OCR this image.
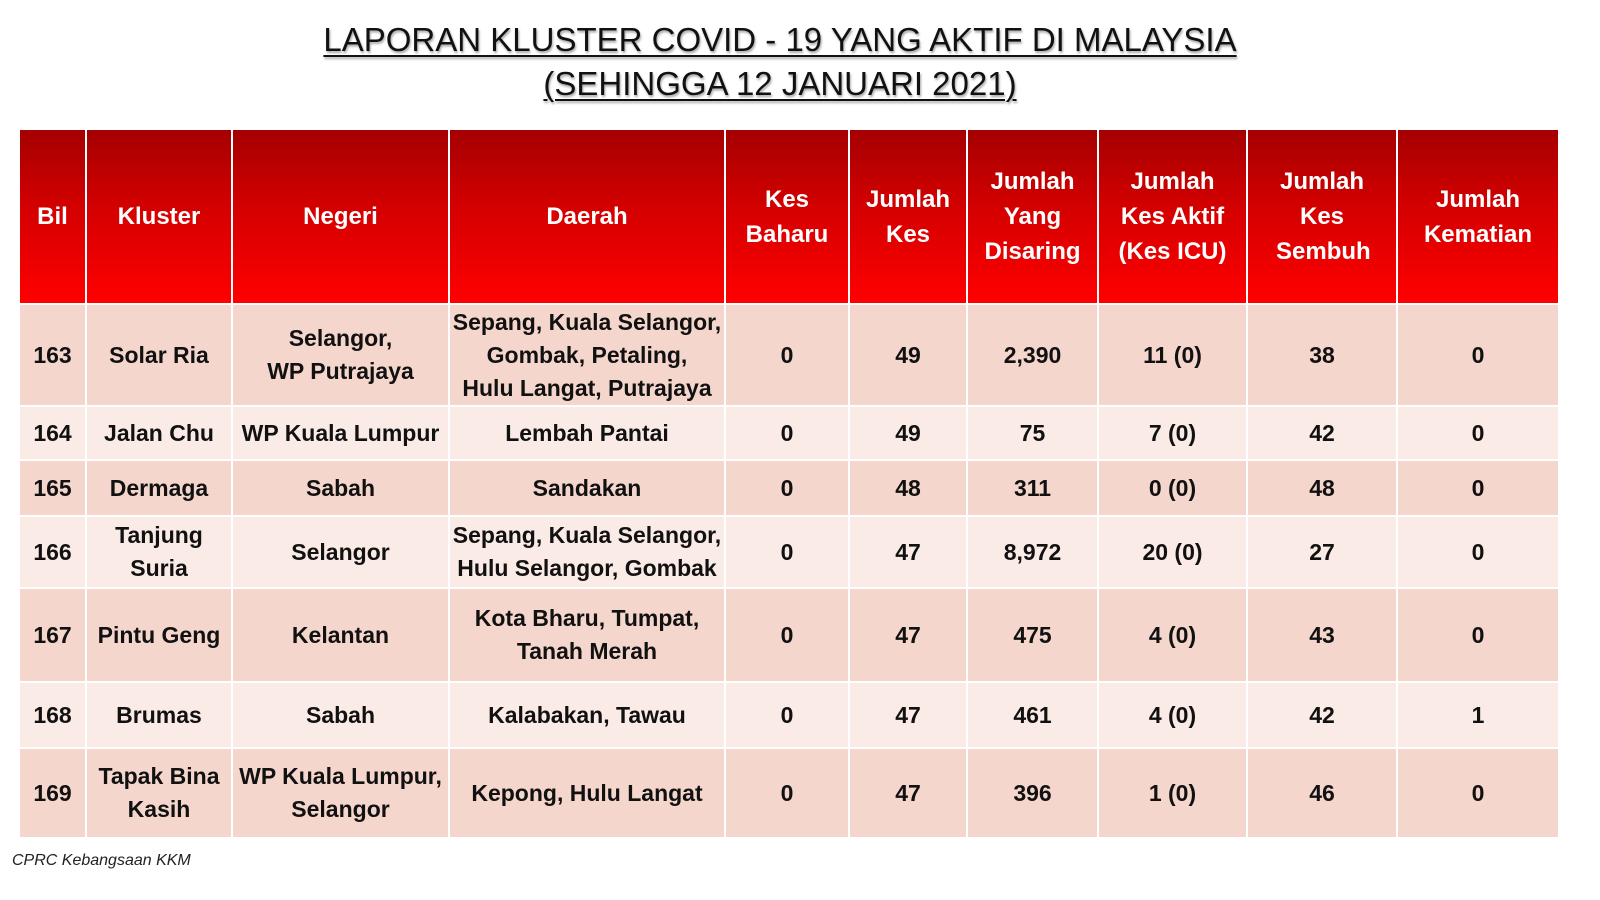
LAPORAN KLUSTER COVID - 19 YANG AKTIF DI MALAYSIA
(SEHINGGA 12 JANUARI 2021)
Bil	Kluster	Negeri	Daerah	Kes Baharu	Jumlah Kes	Jumlah Yang Disaring	Jumlah Kes Aktif (Kes ICU)	Jumlah Kes Sembuh	Jumlah Kematian
163	Solar Ria	Selangor,
WP Putrajaya	Sepang, Kuala Selangor,
Gombak, Petaling,
Hulu Langat, Putrajaya	0	49	2,390	11 (0)	38	0
164	Jalan Chu	WP Kuala Lumpur	Lembah Pantai	0	49	75	7 (0)	42	0
165	Dermaga	Sabah	Sandakan	0	48	311	0 (0)	48	0
166	Tanjung
Suria	Selangor	Sepang, Kuala Selangor,
Hulu Selangor, Gombak	0	47	8,972	20 (0)	27	0
167	Pintu Geng	Kelantan	Kota Bharu, Tumpat,
Tanah Merah	0	47	475	4 (0)	43	0
168	Brumas	Sabah	Kalabakan, Tawau	0	47	461	4 (0)	42	1
169	Tapak Bina
Kasih	WP Kuala Lumpur,
Selangor	Kepong, Hulu Langat	0	47	396	1 (0)	46	0
CPRC Kebangsaan KKM
